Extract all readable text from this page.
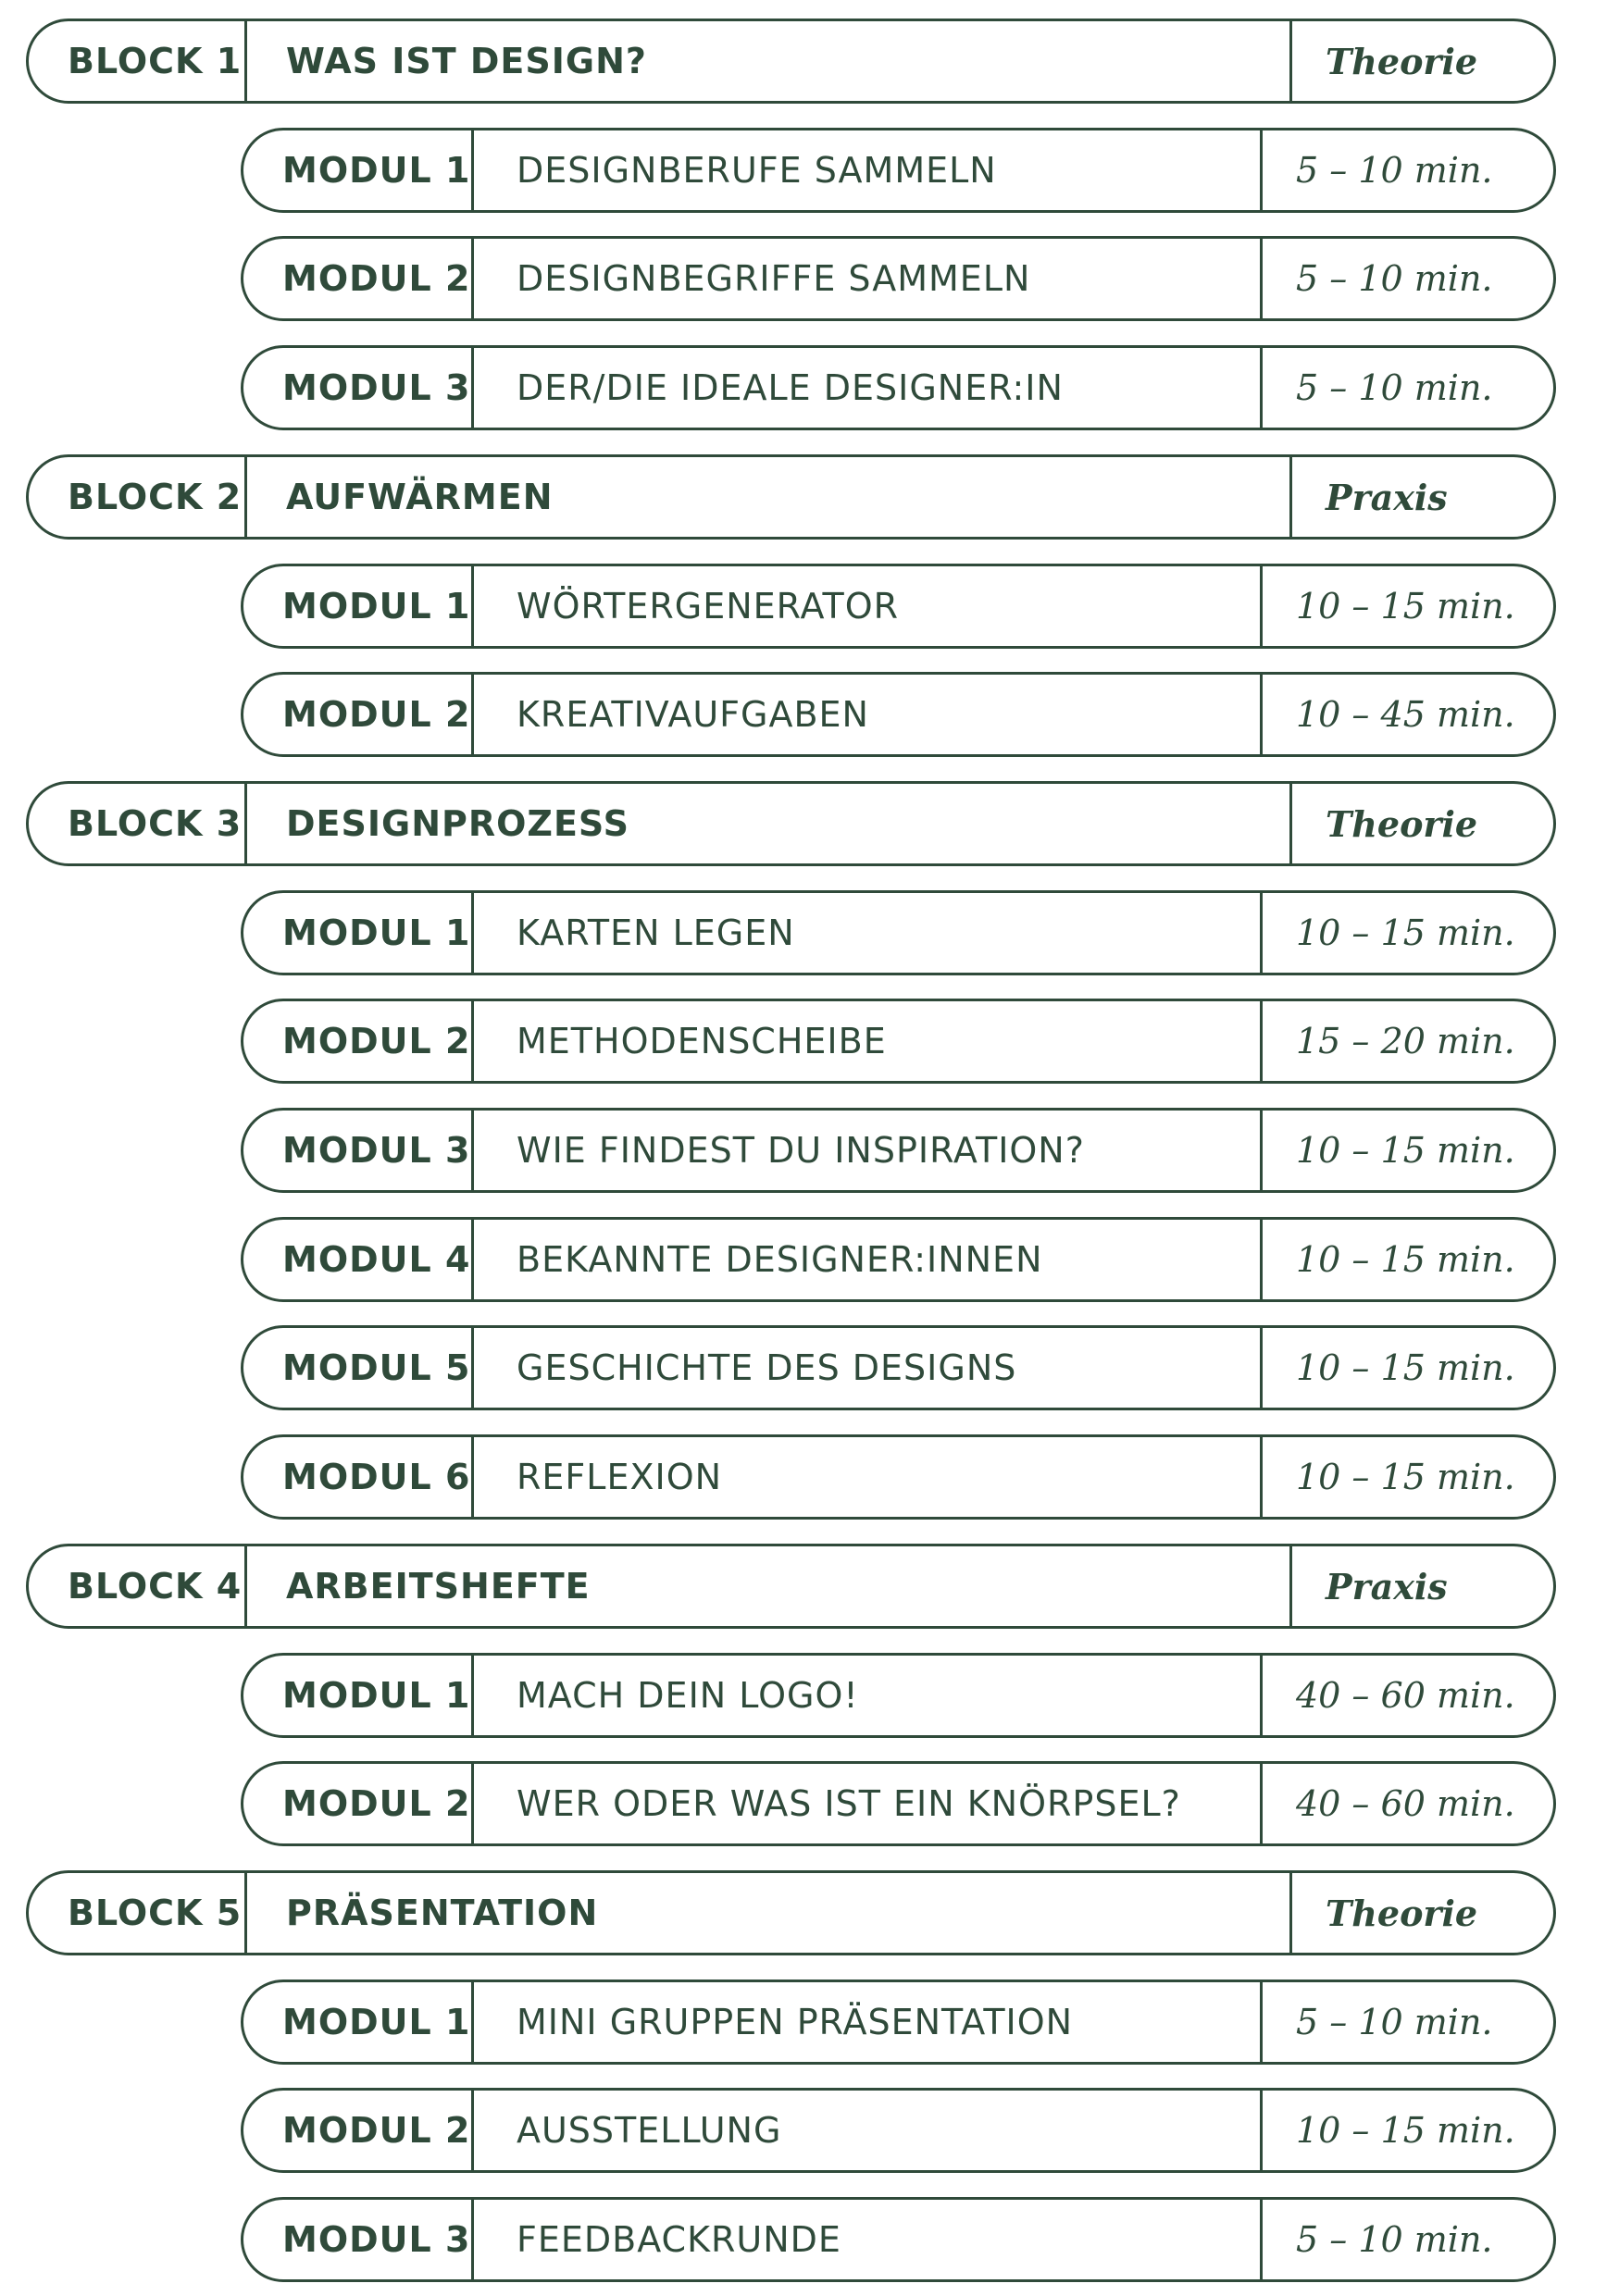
BLOCK 1	WAS IST DESIGN?	Theorie
MODUL 1	DESIGNBERUFE SAMMELN	5 – 10 min.
MODUL 2	DESIGNBEGRIFFE SAMMELN	5 – 10 min.
MODUL 3	DER/DIE IDEALE DESIGNER:IN	5 – 10 min.
BLOCK 2	AUFWÄRMEN	Praxis
MODUL 1	WÖRTERGENERATOR	10 – 15 min.
MODUL 2	KREATIVAUFGABEN	10 – 45 min.
BLOCK 3	DESIGNPROZESS	Theorie
MODUL 1	KARTEN LEGEN	10 – 15 min.
MODUL 2	METHODENSCHEIBE	15 – 20 min.
MODUL 3	WIE FINDEST DU INSPIRATION?	10 – 15 min.
MODUL 4	BEKANNTE DESIGNER:INNEN	10 – 15 min.
MODUL 5	GESCHICHTE DES DESIGNS	10 – 15 min.
MODUL 6	REFLEXION	10 – 15 min.
BLOCK 4	ARBEITSHEFTE	Praxis
MODUL 1	MACH DEIN LOGO!	40 – 60 min.
MODUL 2	WER ODER WAS IST EIN KNÖRPSEL?	40 – 60 min.
BLOCK 5	PRÄSENTATION	Theorie
MODUL 1	MINI GRUPPEN PRÄSENTATION	5 – 10 min.
MODUL 2	AUSSTELLUNG	10 – 15 min.
MODUL 3	FEEDBACKRUNDE	5 – 10 min.
